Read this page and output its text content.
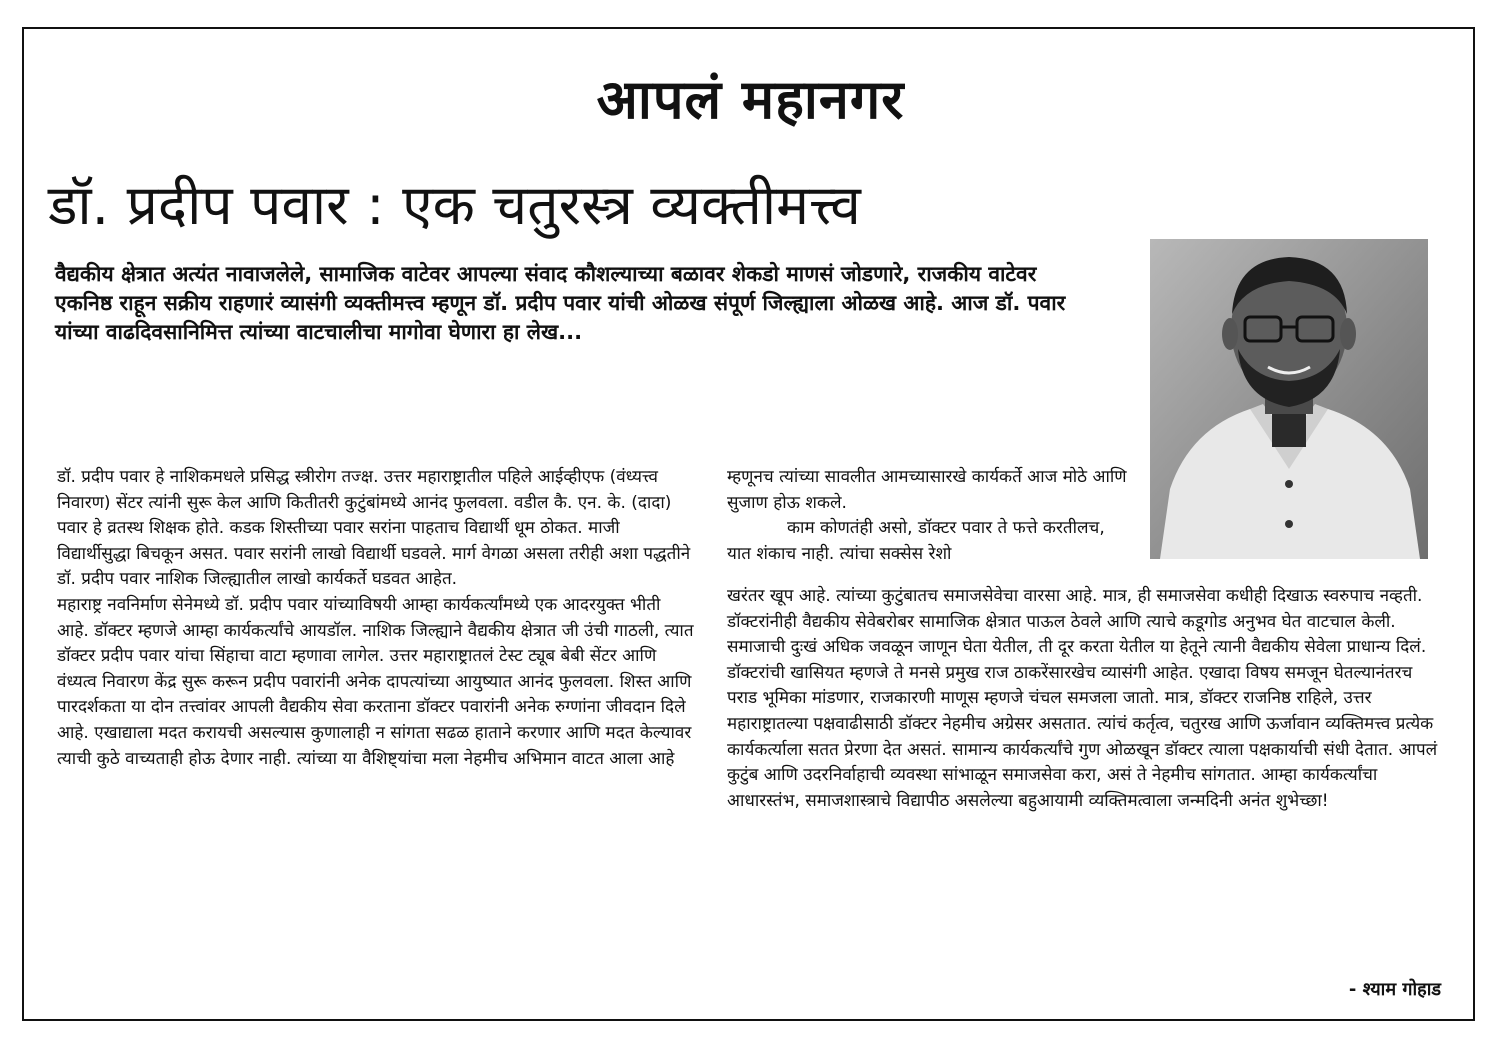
आपलं महानगर
डॉ. प्रदीप पवार : एक चतुरस्त्र व्यक्तीमत्त्व
वैद्यकीय क्षेत्रात अत्यंत नावाजलेले, सामाजिक वाटेवर आपल्या संवाद कौशल्याच्या बळावर शेकडो माणसं जोडणारे, राजकीय वाटेवर एकनिष्ठ राहून सक्रीय राहणारं व्यासंगी व्यक्तीमत्त्व म्हणून डॉ. प्रदीप पवार यांची ओळख संपूर्ण जिल्ह्याला ओळख आहे. आज डॉ. पवार यांच्या वाढदिवसानिमित्त त्यांच्या वाटचालीचा मागोवा घेणारा हा लेख...

डॉ. प्रदीप पवार हे नाशिकमधले प्रसिद्ध स्त्रीरोग तज्क्ष. उत्तर महाराष्ट्रातील पहिले आईव्हीएफ (वंध्यत्त्व निवारण) सेंटर त्यांनी सुरू केल आणि कितीतरी कुटुंबांमध्ये आनंद फुलवला. वडील कै. एन. के. (दादा) पवार हे व्रतस्थ शिक्षक होते. कडक शिस्तीच्या पवार सरांना पाहताच विद्यार्थी धूम ठोकत. माजी विद्यार्थीसुद्धा बिचकून असत. पवार सरांनी लाखो विद्यार्थी घडवले. मार्ग वेगळा असला तरीही अशा पद्धतीने डॉ. प्रदीप पवार नाशिक जिल्ह्यातील लाखो कार्यकर्ते घडवत आहेत.

महाराष्ट्र नवनिर्माण सेनेमध्ये डॉ. प्रदीप पवार यांच्याविषयी आम्हा कार्यकर्त्यांमध्ये एक आदरयुक्त भीती आहे. डॉक्टर म्हणजे आम्हा कार्यकर्त्यांचे आयडॉल. नाशिक जिल्ह्याने वैद्यकीय क्षेत्रात जी उंची गाठली, त्यात डॉक्टर प्रदीप पवार यांचा सिंहाचा वाटा म्हणावा लागेल. उत्तर महाराष्ट्रातलं टेस्ट ट्यूब बेबी सेंटर आणि वंध्यत्व निवारण केंद्र सुरू करून प्रदीप पवारांनी अनेक दापत्यांच्या आयुष्यात आनंद फुलवला. शिस्त आणि पारदर्शकता या दोन तत्त्वांवर आपली वैद्यकीय सेवा करताना डॉक्टर पवारांनी अनेक रुग्णांना जीवदान दिले आहे. एखाद्याला मदत करायची असल्यास कुणालाही न सांगता सढळ हाताने करणार आणि मदत केल्यावर त्याची कुठे वाच्यताही होऊ देणार नाही. त्यांच्या या वैशिष्ट्यांचा मला नेहमीच अभिमान वाटत आला आहे

म्हणूनच त्यांच्या सावलीत आमच्यासारखे कार्यकर्ते आज मोठे आणि सुजाण होऊ शकले.

काम कोणतंही असो, डॉक्टर पवार ते फत्ते करतीलच, यात शंकाच नाही. त्यांचा सक्सेस रेशो

खरंतर खूप आहे. त्यांच्या कुटुंबातच समाजसेवेचा वारसा आहे. मात्र, ही समाजसेवा कधीही दिखाऊ स्वरुपाच नव्हती. डॉक्टरांनीही वैद्यकीय सेवेबरोबर सामाजिक क्षेत्रात पाऊल ठेवले आणि त्याचे कडूगोड अनुभव घेत वाटचाल केली. समाजाची दुःखं अधिक जवळून जाणून घेता येतील, ती दूर करता येतील या हेतूने त्यानी वैद्यकीय सेवेला प्राधान्य दिलं. डॉक्टरांची खासियत म्हणजे ते मनसे प्रमुख राज ठाकरेंसारखेच व्यासंगी आहेत. एखादा विषय समजून घेतल्यानंतरच पराड भूमिका मांडणार, राजकारणी माणूस म्हणजे चंचल समजला जातो. मात्र, डॉक्टर राजनिष्ठ राहिले, उत्तर महाराष्ट्रातल्या पक्षवाढीसाठी डॉक्टर नेहमीच अग्रेसर असतात. त्यांचं कर्तृत्व, चतुरख आणि ऊर्जावान व्यक्तिमत्त्व प्रत्येक कार्यकर्त्याला सतत प्रेरणा देत असतं. सामान्य कार्यकर्त्यांचे गुण ओळखून डॉक्टर त्याला पक्षकार्याची संधी देतात. आपलं कुटुंब आणि उदरनिर्वाहाची व्यवस्था सांभाळून समाजसेवा करा, असं ते नेहमीच सांगतात. आम्हा कार्यकर्त्यांचा आधारस्तंभ, समाजशास्त्राचे विद्यापीठ असलेल्या बहुआयामी व्यक्तिमत्वाला जन्मदिनी अनंत शुभेच्छा!

- श्याम गोहाड
